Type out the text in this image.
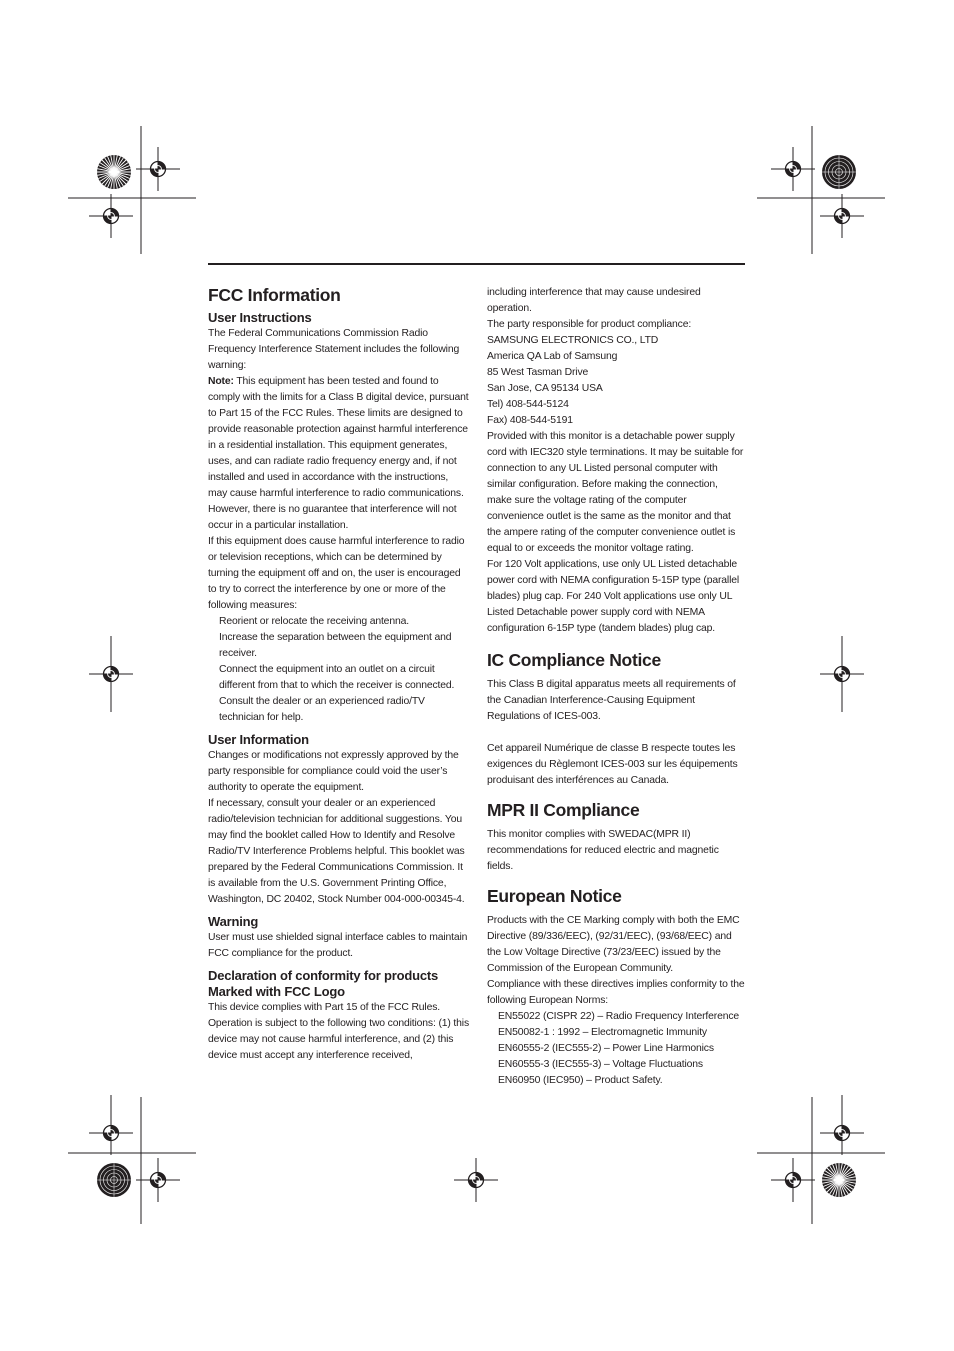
FCC Information
User Instructions

The Federal Communications Commission Radio Frequency Interference Statement includes the following warning:

Note: This equipment has been tested and found to comply with the limits for a Class B digital device, pursuant to Part 15 of the FCC Rules. These limits are designed to provide reasonable protection against harmful interference in a residential installation. This equipment generates, uses, and can radiate radio frequency energy and, if not installed and used in accordance with the instructions, may cause harmful interference to radio communications. However, there is no guarantee that interference will not occur in a particular installation.

If this equipment does cause harmful interference to radio or television receptions, which can be determined by turning the equipment off and on, the user is encouraged to try to correct the interference by one or more of the following measures:

Reorient or relocate the receiving antenna.

Increase the separation between the equipment and receiver.

Connect the equipment into an outlet on a circuit different from that to which the receiver is connected.

Consult the dealer or an experienced radio/TV technician for help.

User Information

Changes or modifications not expressly approved by the party responsible for compliance could void the user’s authority to operate the equipment.

If necessary, consult your dealer or an experienced radio/television technician for additional suggestions. You may find the booklet called How to Identify and Resolve Radio/TV Interference Problems helpful. This booklet was prepared by the Federal Communications Commission. It is available from the U.S. Government Printing Office, Washington, DC 20402, Stock Number 004-000-00345-4.

Warning

User must use shielded signal interface cables to maintain FCC compliance for the product.

Declaration of conformity for products Marked with FCC Logo

This device complies with Part 15 of the FCC Rules. Operation is subject to the following two conditions: (1) this device may not cause harmful interference, and (2) this device must accept any interference received,

including interference that may cause undesired operation.

The party responsible for product compliance:

SAMSUNG ELECTRONICS CO., LTD

America QA Lab of Samsung

85 West Tasman Drive

San Jose, CA 95134 USA

Tel) 408-544-5124

Fax) 408-544-5191

Provided with this monitor is a detachable power supply cord with IEC320 style terminations. It may be suitable for connection to any UL Listed personal computer with similar configuration. Before making the connection, make sure the voltage rating of the computer convenience outlet is the same as the monitor and that the ampere rating of the computer convenience outlet is equal to or exceeds the monitor voltage rating.

For 120 Volt applications, use only UL Listed detachable power cord with NEMA configuration 5-15P type (parallel blades) plug cap. For 240 Volt applications use only UL Listed Detachable power supply cord with NEMA configuration 6-15P type (tandem blades) plug cap.

IC Compliance Notice

This Class B digital apparatus meets all requirements of the Canadian Interference-Causing Equipment Regulations of ICES-003.

Cet appareil Numérique de classe B respecte toutes les exigences du Règlemont ICES-003 sur les équipements produisant des interférences au Canada.

MPR II Compliance

This monitor complies with SWEDAC(MPR II) recommendations for reduced electric and magnetic fields.

European Notice

Products with the CE Marking comply with both the EMC Directive (89/336/EEC), (92/31/EEC), (93/68/EEC) and the Low Voltage Directive (73/23/EEC) issued by the Commission of the European Community.

Compliance with these directives implies conformity to the following European Norms:

EN55022 (CISPR 22) – Radio Frequency Interference

EN50082-1 : 1992 – Electromagnetic Immunity

EN60555-2 (IEC555-2) – Power Line Harmonics

EN60555-3 (IEC555-3) – Voltage Fluctuations

EN60950 (IEC950) – Product Safety.
